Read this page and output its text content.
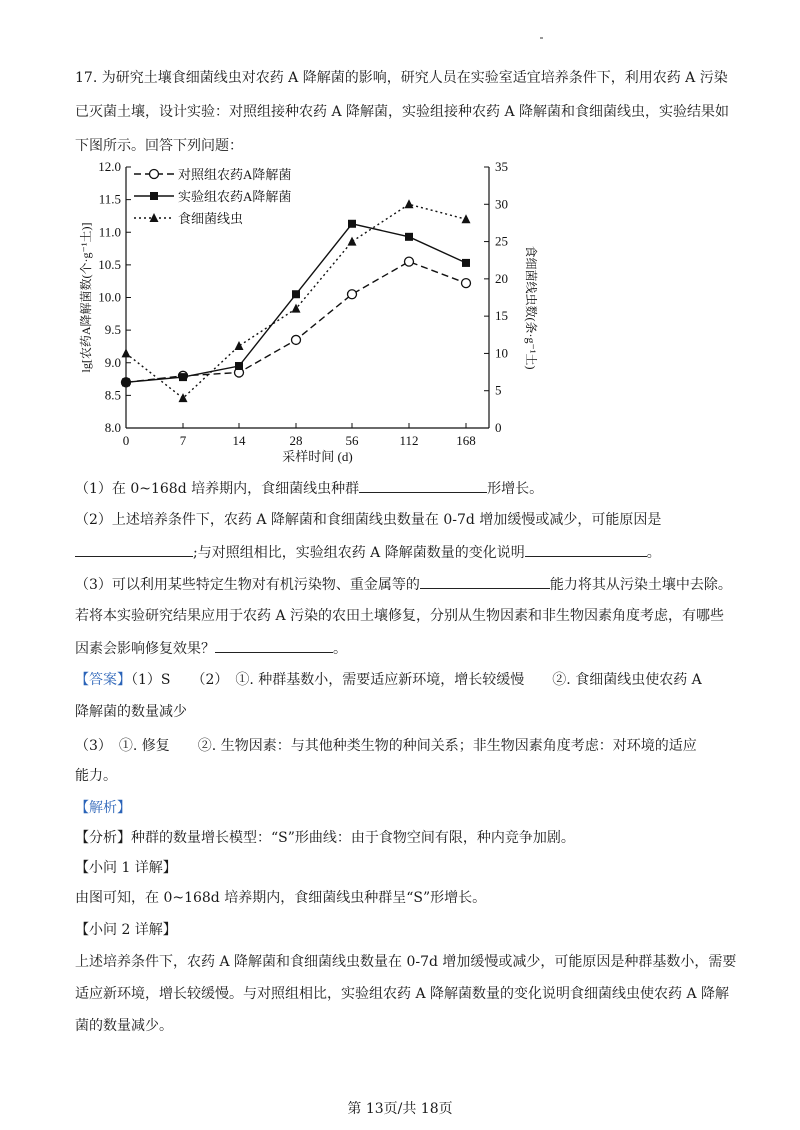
17. 为研究土壤食细菌线虫对农药 A 降解菌的影响，研究人员在实验室适宜培养条件下，利用农药 A 污染
已灭菌土壤，设计实验：对照组接种农药 A 降解菌，实验组接种农药 A 降解菌和食细菌线虫，实验结果如
下图所示。回答下列问题：
8.0
8.5
9.0
9.5
10.0
10.5
11.0
11.5
12.0
0
5
10
15
20
25
30
35
0	7	14	28	56	112	168
采样时间 (d)
lg[农药A降解菌数(个·g⁻¹土)]	食细菌线虫数(条·g⁻¹土)
对照组农药A降解菌
实验组农药A降解菌
食细菌线虫
（1）在 0~168d 培养期内，食细菌线虫种群	形增长。
（2）上述培养条件下，农药 A 降解菌和食细菌线虫数量在 0-7d 增加缓慢或减少，可能原因是
;与对照组相比，实验组农药 A 降解菌数量的变化说明	。
（3）可以利用某些特定生物对有机污染物、重金属等的	能力将其从污染土壤中去除。
若将本实验研究结果应用于农药 A 污染的农田土壤修复，分别从生物因素和非生物因素角度考虑，有哪些
因素会影响修复效果？	。
【答案】（1）S　　（2）　①. 种群基数小，需要适应新环境，增长较缓慢　　②. 食细菌线虫使农药 A
降解菌的数量减少
（3）　①. 修复　　②. 生物因素：与其他种类生物的种间关系；非生物因素角度考虑：对环境的适应
能力。
【解析】
【分析】种群的数量增长模型：“S”形曲线：由于食物空间有限，种内竞争加剧。
【小问 1 详解】
由图可知，在 0~168d 培养期内，食细菌线虫种群呈“S”形增长。
【小问 2 详解】
上述培养条件下，农药 A 降解菌和食细菌线虫数量在 0-7d 增加缓慢或减少，可能原因是种群基数小，需要
适应新环境，增长较缓慢。与对照组相比，实验组农药 A 降解菌数量的变化说明食细菌线虫使农药 A 降解
菌的数量减少。
第 13页/共 18页
